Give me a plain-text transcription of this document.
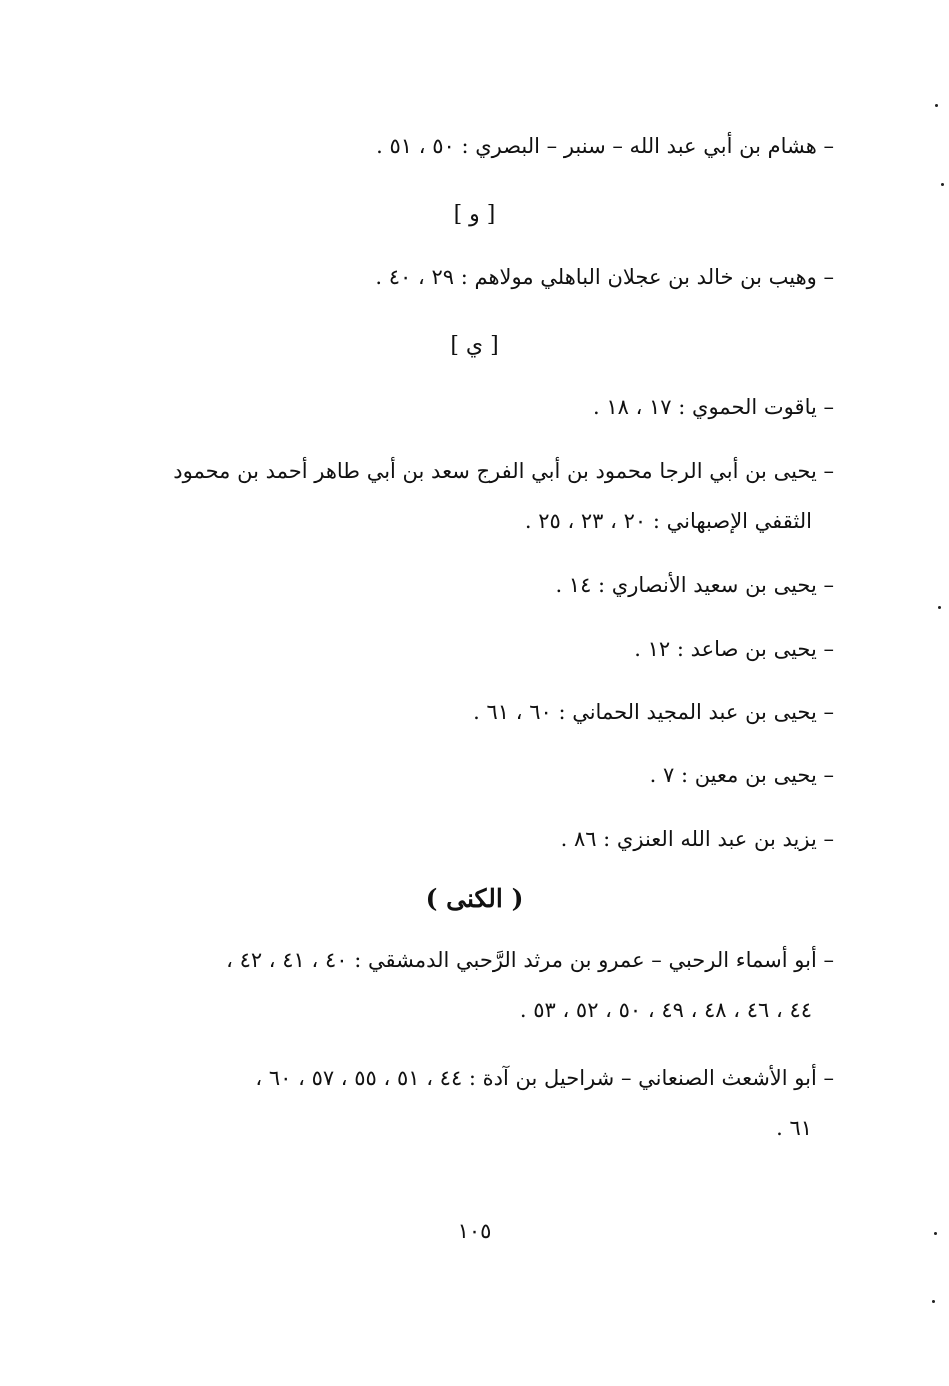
– هشام بن أبي عبد الله – سنبر – البصري : ٥٠ ، ٥١ .
[ و ]
– وهيب بن خالد بن عجلان الباهلي مولاهم : ٢٩ ، ٤٠ .
[ ي ]
– ياقوت الحموي : ١٧ ، ١٨ .
– يحيى بن أبي الرجا محمود بن أبي الفرج سعد بن أبي طاهر أحمد بن محمود
الثقفي الإصبهاني : ٢٠ ، ٢٣ ، ٢٥ .
– يحيى بن سعيد الأنصاري : ١٤ .
– يحيى بن صاعد : ١٢ .
– يحيى بن عبد المجيد الحماني : ٦٠ ، ٦١ .
– يحيى بن معين : ٧ .
– يزيد بن عبد الله العنزي : ٨٦ .
( الكنى )
– أبو أسماء الرحبي – عمرو بن مرثد الرَّحبي الدمشقي : ٤٠ ، ٤١ ، ٤٢ ،
٤٤ ، ٤٦ ، ٤٨ ، ٤٩ ، ٥٠ ، ٥٢ ، ٥٣ .
– أبو الأشعث الصنعاني – شراحيل بن آدة : ٤٤ ، ٥١ ، ٥٥ ، ٥٧ ، ٦٠ ،
٦١ .
١٠٥
